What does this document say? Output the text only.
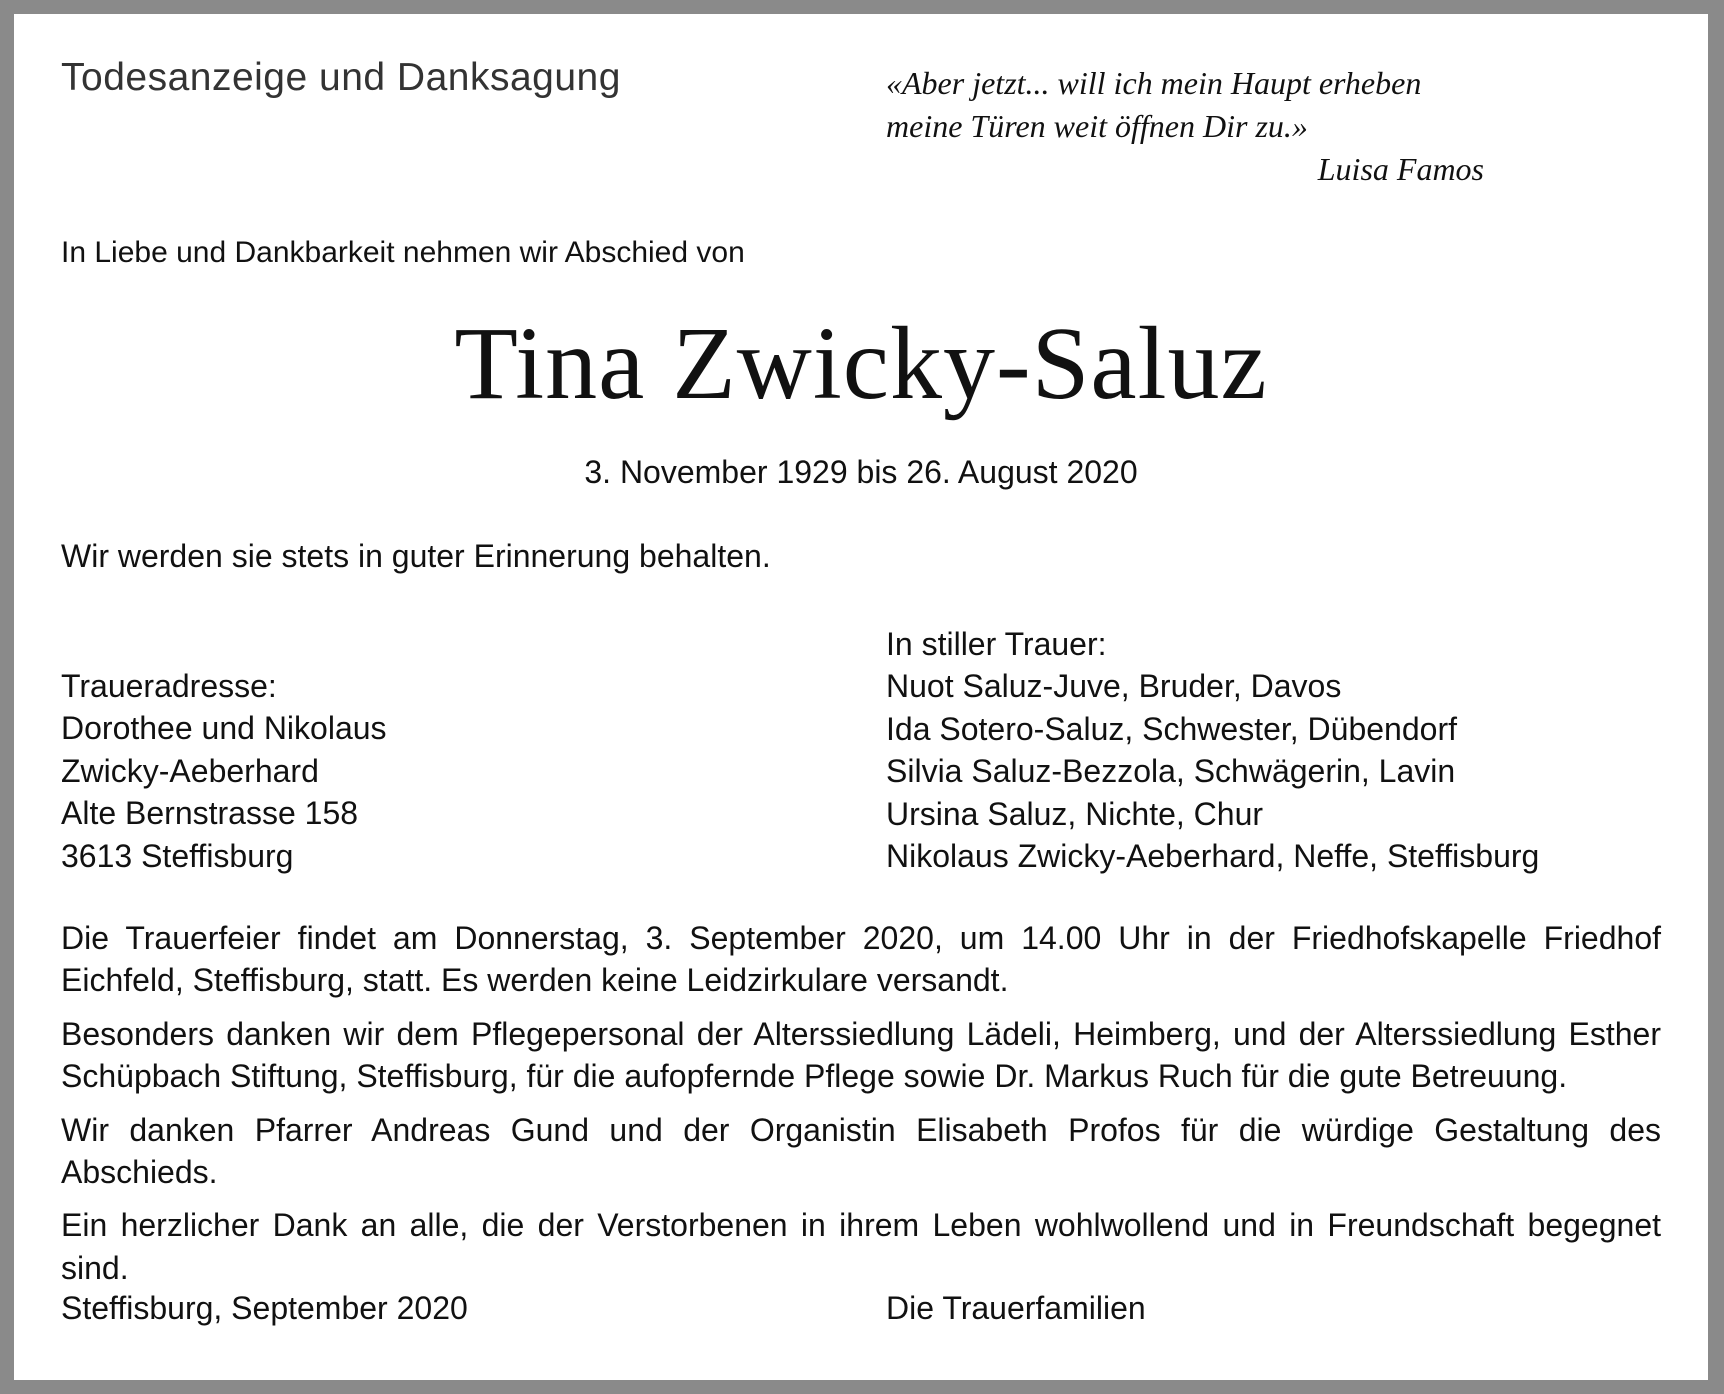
Todesanzeige und Danksagung	«Aber jetzt... will ich mein Haupt erheben
meine Türen weit öffnen Dir zu.»
Luisa Famos
In Liebe und Dankbarkeit nehmen wir Abschied von
Tina Zwicky-Saluz
3. November 1929 bis 26. August 2020
Wir werden sie stets in guter Erinnerung behalten.
Traueradresse:
Dorothee und Nikolaus
Zwicky-Aeberhard
Alte Bernstrasse 158
3613 Steffisburg
In stiller Trauer:
Nuot Saluz-Juve, Bruder, Davos
Ida Sotero-Saluz, Schwester, Dübendorf
Silvia Saluz-Bezzola, Schwägerin, Lavin
Ursina Saluz, Nichte, Chur
Nikolaus Zwicky-Aeberhard, Neffe, Steffisburg

Die Trauerfeier findet am Donnerstag, 3. September 2020, um 14.00 Uhr in der Friedhofskapelle Friedhof Eichfeld, Steffisburg, statt. Es werden keine Leidzirkulare versandt.

Besonders danken wir dem Pflegepersonal der Alterssiedlung Lädeli, Heimberg, und der Alterssiedlung Esther Schüpbach Stiftung, Steffisburg, für die aufopfernde Pflege sowie Dr. Markus Ruch für die gute Betreuung.

Wir danken Pfarrer Andreas Gund und der Organistin Elisabeth Profos für die würdige Gestaltung des Abschieds.

Ein herzlicher Dank an alle, die der Verstorbenen in ihrem Leben wohlwollend und in Freundschaft begegnet sind.

Steffisburg, September 2020	Die Trauerfamilien
